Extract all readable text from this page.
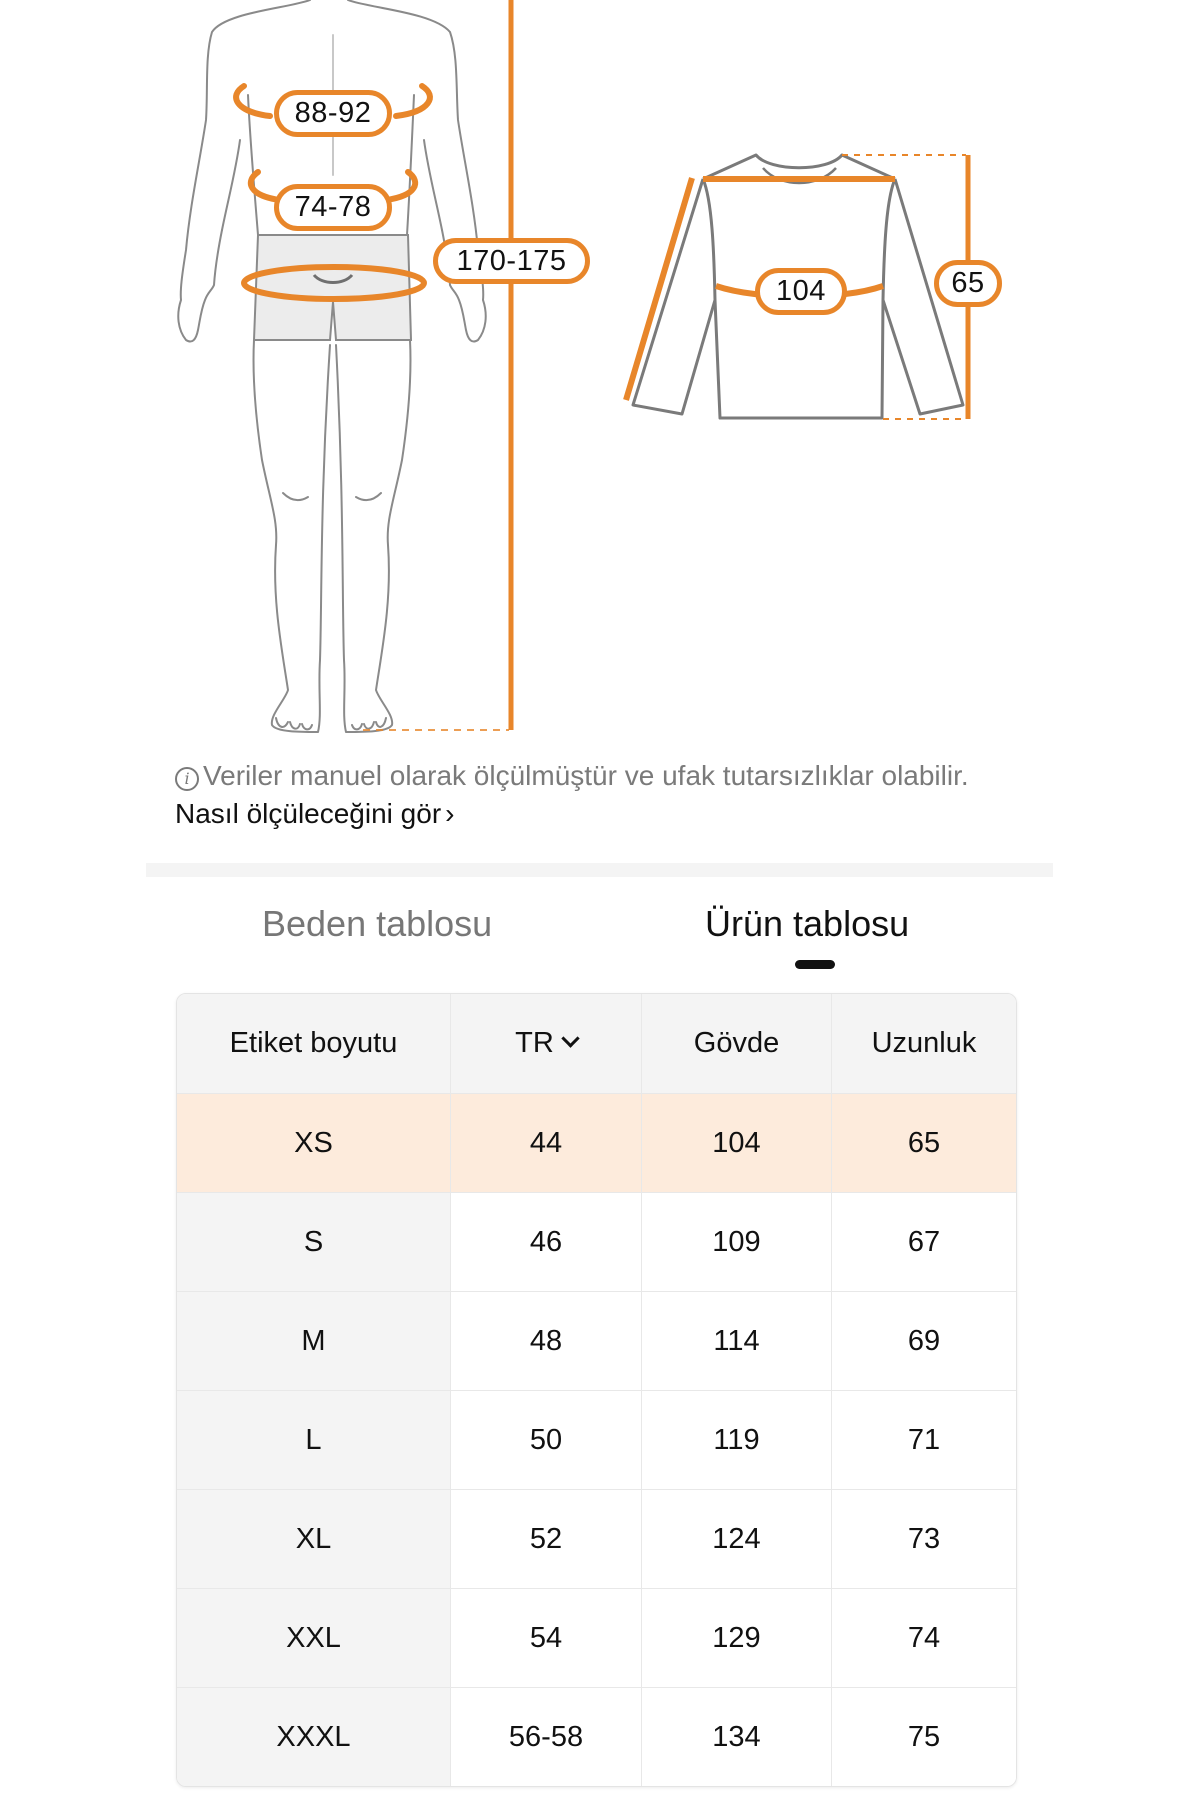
88-92
74-78
170-175
104	65
i Veriler manuel olarak ölçülmüştür ve ufak tutarsızlıklar olabilir. Nasıl ölçüleceğini gör ›
Beden tablosu	Ürün tablosu
Etiket boyutu	TR	Gövde	Uzunluk
XS	44	104	65
S	46	109	67
M	48	114	69
L	50	119	71
XL	52	124	73
XXL	54	129	74
XXXL	56-58	134	75
